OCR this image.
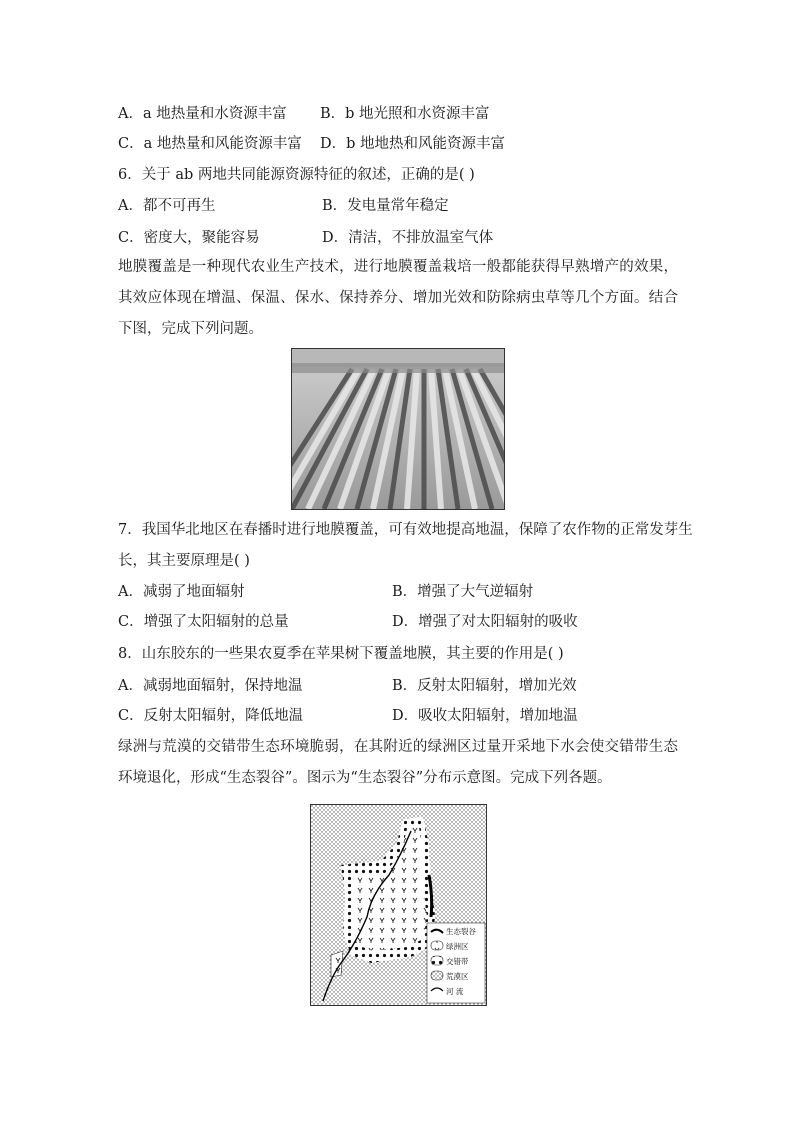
A．a 地热量和水资源丰富 B．b 地光照和水资源丰富
C．a 地热量和风能资源丰富 D．b 地地热和风能资源丰富
6．关于 ab 两地共同能源资源特征的叙述，正确的是( )
A．都不可再生	B．发电量常年稳定
C．密度大，聚能容易	D．清洁，不排放温室气体
地膜覆盖是一种现代农业生产技术，进行地膜覆盖栽培一般都能获得早熟增产的效果，其效应体现在增温、保温、保水、保持养分、增加光效和防除病虫草等几个方面。结合下图，完成下列问题。
7．我国华北地区在春播时进行地膜覆盖，可有效地提高地温，保障了农作物的正常发芽生
长，其主要原理是( )
A．减弱了地面辐射	B．增强了大气逆辐射
C．增强了太阳辐射的总量	D．增强了对太阳辐射的吸收
8．山东胶东的一些果农夏季在苹果树下覆盖地膜，其主要的作用是( )
A．减弱地面辐射，保持地温	B．反射太阳辐射，增加光效
C．反射太阳辐射，降低地温	D．吸收太阳辐射，增加地温
绿洲与荒漠的交错带生态环境脆弱，在其附近的绿洲区过量开采地下水会使交错带生态环境退化，形成“生态裂谷”。图示为“生态裂谷”分布示意图。完成下列各题。
生态裂谷
绿洲区
交错带
荒漠区
河 流
